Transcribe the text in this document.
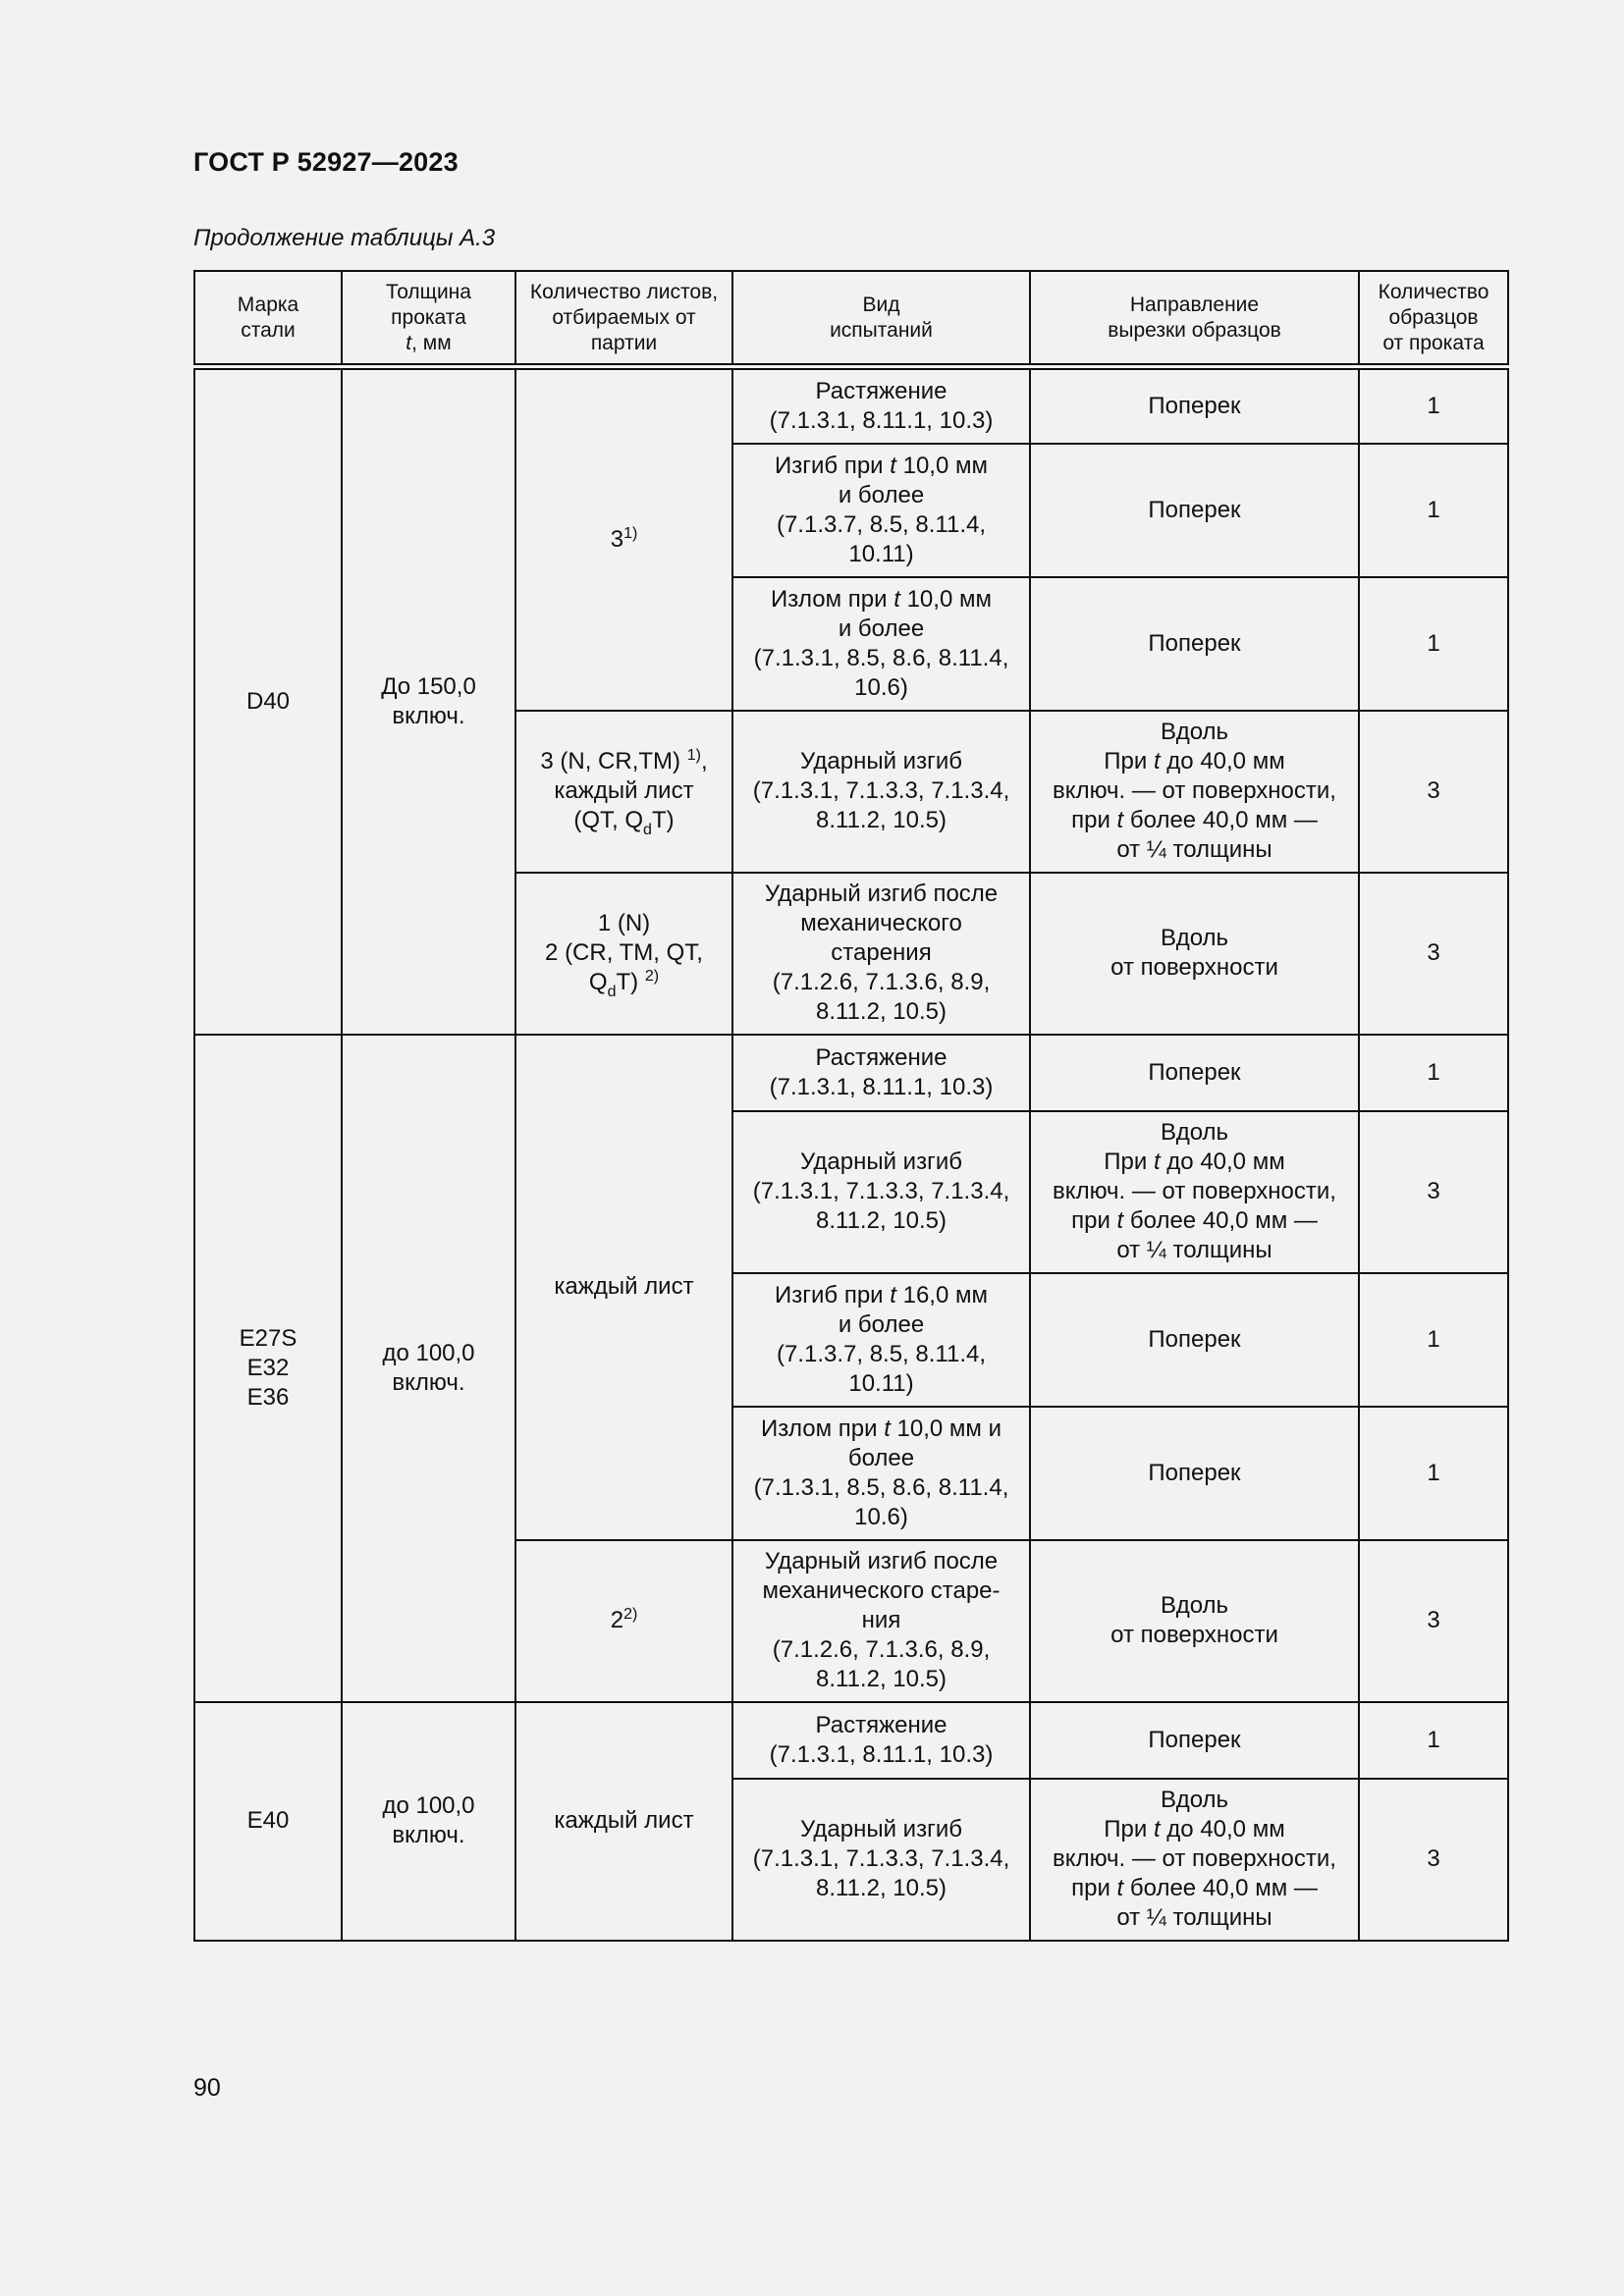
ГОСТ Р 52927—2023
Продолжение таблицы А.3
Марка
стали	Толщина
проката
t, мм	Количество листов,
отбираемых от
партии	Вид
испытаний	Направление
вырезки образцов	Количество
образцов
от проката
D40	До 150,0
включ.	3$^{1)}$	Растяжение
(7.1.3.1, 8.11.1, 10.3)	Поперек	1
			Изгиб при t 10,0 мм
и более
(7.1.3.7, 8.5, 8.11.4,
10.11)	Поперек	1
			Излом при t 10,0 мм
и более
(7.1.3.1, 8.5, 8.6, 8.11.4,
10.6)	Поперек	1
		3 (N, CR,TM) $^{1)}$,
каждый лист
(QT, $Q_dT$)	Ударный изгиб
(7.1.3.1, 7.1.3.3, 7.1.3.4,
8.11.2, 10.5)	Вдоль
При t до 40,0 мм
включ. — от поверхности,
при t более 40,0 мм —
от ¼ толщины	3
		1 (N)
2 (CR, TM, QT,
$Q_dT$) $^{2)}$	Ударный изгиб после
механического
старения
(7.1.2.6, 7.1.3.6, 8.9,
8.11.2, 10.5)	Вдоль
от поверхности	3
E27S
E32
E36	до 100,0
включ.	каждый лист	Растяжение
(7.1.3.1, 8.11.1, 10.3)	Поперек	1
			Ударный изгиб
(7.1.3.1, 7.1.3.3, 7.1.3.4,
8.11.2, 10.5)	Вдоль
При t до 40,0 мм
включ. — от поверхности,
при t более 40,0 мм —
от ¼ толщины	3
			Изгиб при t 16,0 мм
и более
(7.1.3.7, 8.5, 8.11.4,
10.11)	Поперек	1
			Излом при t 10,0 мм и
более
(7.1.3.1, 8.5, 8.6, 8.11.4,
10.6)	Поперек	1
		2$^{2)}$	Ударный изгиб после
механического старе-
ния
(7.1.2.6, 7.1.3.6, 8.9,
8.11.2, 10.5)	Вдоль
от поверхности	3
E40	до 100,0
включ.	каждый лист	Растяжение
(7.1.3.1, 8.11.1, 10.3)	Поперек	1
			Ударный изгиб
(7.1.3.1, 7.1.3.3, 7.1.3.4,
8.11.2, 10.5)	Вдоль
При t до 40,0 мм
включ. — от поверхности,
при t более 40,0 мм —
от ¼ толщины	3
90
